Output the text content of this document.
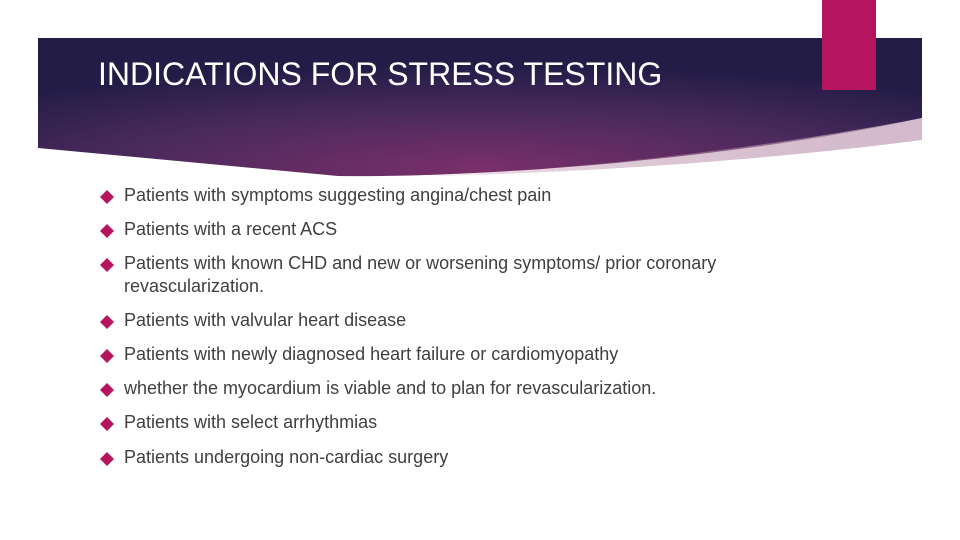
INDICATIONS FOR STRESS TESTING
Patients with symptoms suggesting angina/chest pain
Patients with a recent ACS
Patients with known CHD and new or worsening symptoms/ prior coronary revascularization.
Patients with valvular heart disease
Patients with newly diagnosed heart failure or cardiomyopathy
whether the myocardium is viable and to plan for revascularization.
Patients with select arrhythmias
Patients undergoing non-cardiac surgery
